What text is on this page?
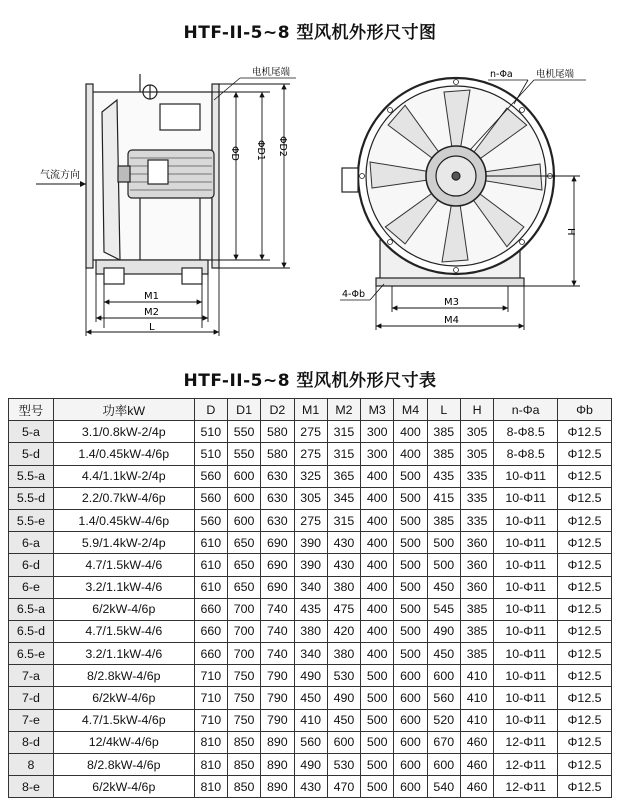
HTF-II-5~8 型风机外形尺寸图
气流方向
电机尾端
ΦD ΦD1 ΦD2
M1
M2
L
n-Φa 电机尾端
H
4-Φb
M3
M4
HTF-II-5~8 型风机外形尺寸表
型号	功率kW	D	D1	D2	M1	M2	M3	M4	L	H	n-Φa	Φb
5-a	3.1/0.8kW-2/4p	510	550	580	275	315	300	400	385	305	8-Φ8.5	Φ12.5
5-d	1.4/0.45kW-4/6p	510	550	580	275	315	300	400	385	305	8-Φ8.5	Φ12.5
5.5-a	4.4/1.1kW-2/4p	560	600	630	325	365	400	500	435	335	10-Φ11	Φ12.5
5.5-d	2.2/0.7kW-4/6p	560	600	630	305	345	400	500	415	335	10-Φ11	Φ12.5
5.5-e	1.4/0.45kW-4/6p	560	600	630	275	315	400	500	385	335	10-Φ11	Φ12.5
6-a	5.9/1.4kW-2/4p	610	650	690	390	430	400	500	500	360	10-Φ11	Φ12.5
6-d	4.7/1.5kW-4/6	610	650	690	390	430	400	500	500	360	10-Φ11	Φ12.5
6-e	3.2/1.1kW-4/6	610	650	690	340	380	400	500	450	360	10-Φ11	Φ12.5
6.5-a	6/2kW-4/6p	660	700	740	435	475	400	500	545	385	10-Φ11	Φ12.5
6.5-d	4.7/1.5kW-4/6	660	700	740	380	420	400	500	490	385	10-Φ11	Φ12.5
6.5-e	3.2/1.1kW-4/6	660	700	740	340	380	400	500	450	385	10-Φ11	Φ12.5
7-a	8/2.8kW-4/6p	710	750	790	490	530	500	600	600	410	10-Φ11	Φ12.5
7-d	6/2kW-4/6p	710	750	790	450	490	500	600	560	410	10-Φ11	Φ12.5
7-e	4.7/1.5kW-4/6p	710	750	790	410	450	500	600	520	410	10-Φ11	Φ12.5
8-d	12/4kW-4/6p	810	850	890	560	600	500	600	670	460	12-Φ11	Φ12.5
8	8/2.8kW-4/6p	810	850	890	490	530	500	600	600	460	12-Φ11	Φ12.5
8-e	6/2kW-4/6p	810	850	890	430	470	500	600	540	460	12-Φ11	Φ12.5
